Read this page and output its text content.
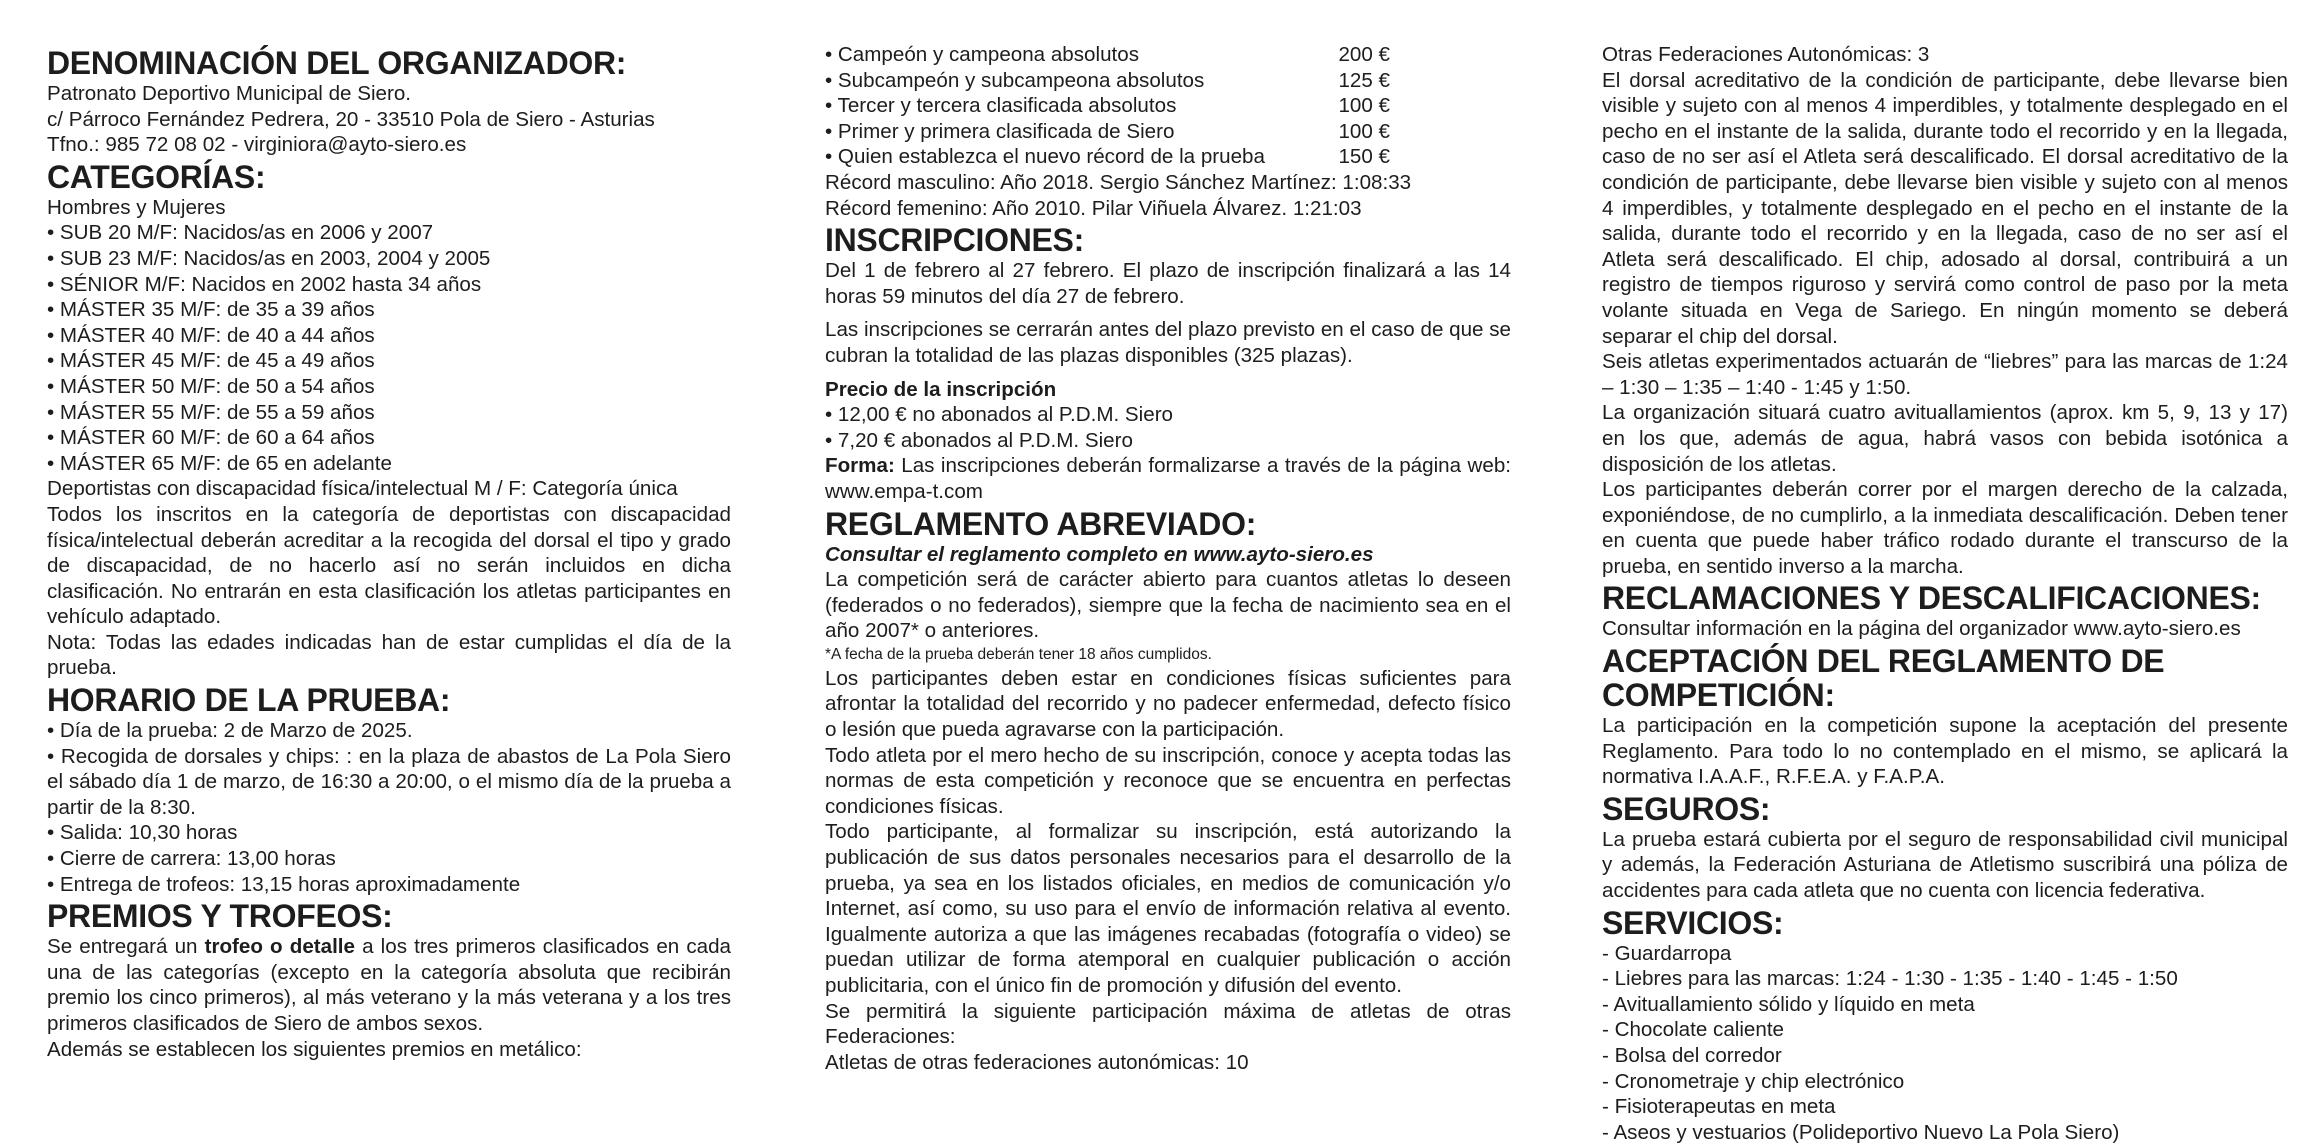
DENOMINACIÓN DEL ORGANIZADOR:

Patronato Deportivo Municipal de Siero.

c/ Párroco Fernández Pedrera, 20 - 33510 Pola de Siero - Asturias

Tfno.: 985 72 08 02 - virginiora@ayto-siero.es

CATEGORÍAS:

Hombres y Mujeres

• SUB 20 M/F: Nacidos/as en 2006 y 2007

• SUB 23 M/F: Nacidos/as en 2003, 2004 y 2005

• SÉNIOR M/F: Nacidos en 2002 hasta 34 años

• MÁSTER 35 M/F: de 35 a 39 años

• MÁSTER 40 M/F: de 40 a 44 años

• MÁSTER 45 M/F: de 45 a 49 años

• MÁSTER 50 M/F: de 50 a 54 años

• MÁSTER 55 M/F: de 55 a 59 años

• MÁSTER 60 M/F: de 60 a 64 años

• MÁSTER 65 M/F: de 65 en adelante

Deportistas con discapacidad física/intelectual M / F: Categoría única

Todos los inscritos en la categoría de deportistas con discapacidad física/intelectual deberán acreditar a la recogida del dorsal el tipo y grado de discapacidad, de no hacerlo así no serán incluidos en dicha clasificación. No entrarán en esta clasificación los atletas participantes en vehículo adaptado.

Nota: Todas las edades indicadas han de estar cumplidas el día de la prueba.

HORARIO DE LA PRUEBA:

• Día de la prueba: 2 de Marzo de 2025.

• Recogida de dorsales y chips: : en la plaza de abastos de La Pola Siero el sábado día 1 de marzo, de 16:30 a 20:00, o el mismo día de la prueba a partir de la 8:30.

• Salida: 10,30 horas

• Cierre de carrera: 13,00 horas

• Entrega de trofeos: 13,15 horas aproximadamente

PREMIOS Y TROFEOS:

Se entregará un trofeo o detalle a los tres primeros clasificados en cada una de las categorías (excepto en la categoría absoluta que recibirán premio los cinco primeros), al más veterano y la más veterana y a los tres primeros clasificados de Siero de ambos sexos.

Además se establecen los siguientes premios en metálico:

• Campeón y campeona absolutos	200 €
• Subcampeón y subcampeona absolutos	125 €
• Tercer y tercera clasificada absolutos	100 €
• Primer y primera clasificada de Siero	100 €
• Quien establezca el nuevo récord de la prueba	150 €

Récord masculino: Año 2018. Sergio Sánchez Martínez: 1:08:33

Récord femenino: Año 2010. Pilar Viñuela Álvarez. 1:21:03

INSCRIPCIONES:

Del 1 de febrero al 27 febrero. El plazo de inscripción finalizará a las 14 horas 59 minutos del día 27 de febrero.

Las inscripciones se cerrarán antes del plazo previsto en el caso de que se cubran la totalidad de las plazas disponibles (325 plazas).

Precio de la inscripción

• 12,00 € no abonados al P.D.M. Siero

• 7,20 € abonados al P.D.M. Siero

Forma: Las inscripciones deberán formalizarse a través de la página web: www.empa-t.com

REGLAMENTO ABREVIADO:

Consultar el reglamento completo en www.ayto-siero.es

La competición será de carácter abierto para cuantos atletas lo deseen (federados o no federados), siempre que la fecha de nacimiento sea en el año 2007* o anteriores.

*A fecha de la prueba deberán tener 18 años cumplidos.

Los participantes deben estar en condiciones físicas suficientes para afrontar la totalidad del recorrido y no padecer enfermedad, defecto físico o lesión que pueda agravarse con la participación.

Todo atleta por el mero hecho de su inscripción, conoce y acepta todas las normas de esta competición y reconoce que se encuentra en perfectas condiciones físicas.

Todo participante, al formalizar su inscripción, está autorizando la publicación de sus datos personales necesarios para el desarrollo de la prueba, ya sea en los listados oficiales, en medios de comunicación y/o Internet, así como, su uso para el envío de información relativa al evento. Igualmente autoriza a que las imágenes recabadas (fotografía o video) se puedan utilizar de forma atemporal en cualquier publicación o acción publicitaria, con el único fin de promoción y difusión del evento.

Se permitirá la siguiente participación máxima de atletas de otras Federaciones:

Atletas de otras federaciones autonómicas: 10

Otras Federaciones Autonómicas: 3

El dorsal acreditativo de la condición de participante, debe llevarse bien visible y sujeto con al menos 4 imperdibles, y totalmente desplegado en el pecho en el instante de la salida, durante todo el recorrido y en la llegada, caso de no ser así el Atleta será descalificado. El dorsal acreditativo de la condición de participante, debe llevarse bien visible y sujeto con al menos 4 imperdibles, y totalmente desplegado en el pecho en el instante de la salida, durante todo el recorrido y en la llegada, caso de no ser así el Atleta será descalificado. El chip, adosado al dorsal, contribuirá a un registro de tiempos riguroso y servirá como control de paso por la meta volante situada en Vega de Sariego. En ningún momento se deberá separar el chip del dorsal.

Seis atletas experimentados actuarán de “liebres” para las marcas de 1:24 – 1:30 – 1:35 – 1:40 - 1:45 y 1:50.

La organización situará cuatro avituallamientos (aprox. km 5, 9, 13 y 17) en los que, además de agua, habrá vasos con bebida isotónica a disposición de los atletas.

Los participantes deberán correr por el margen derecho de la calzada, exponiéndose, de no cumplirlo, a la inmediata descalificación. Deben tener en cuenta que puede haber tráfico rodado durante el transcurso de la prueba, en sentido inverso a la marcha.

RECLAMACIONES Y DESCALIFICACIONES:

Consultar información en la página del organizador www.ayto-siero.es

ACEPTACIÓN DEL REGLAMENTO DE COMPETICIÓN:

La participación en la competición supone la aceptación del presente Reglamento. Para todo lo no contemplado en el mismo, se aplicará la normativa I.A.A.F., R.F.E.A. y F.A.P.A.

SEGUROS:

La prueba estará cubierta por el seguro de responsabilidad civil municipal y además, la Federación Asturiana de Atletismo suscribirá una póliza de accidentes para cada atleta que no cuenta con licencia federativa.

SERVICIOS:

- Guardarropa

- Liebres para las marcas: 1:24 - 1:30 - 1:35 - 1:40 - 1:45 - 1:50

- Avituallamiento sólido y líquido en meta

- Chocolate caliente

- Bolsa del corredor

- Cronometraje y chip electrónico

- Fisioterapeutas en meta

- Aseos y vestuarios (Polideportivo Nuevo La Pola Siero)
